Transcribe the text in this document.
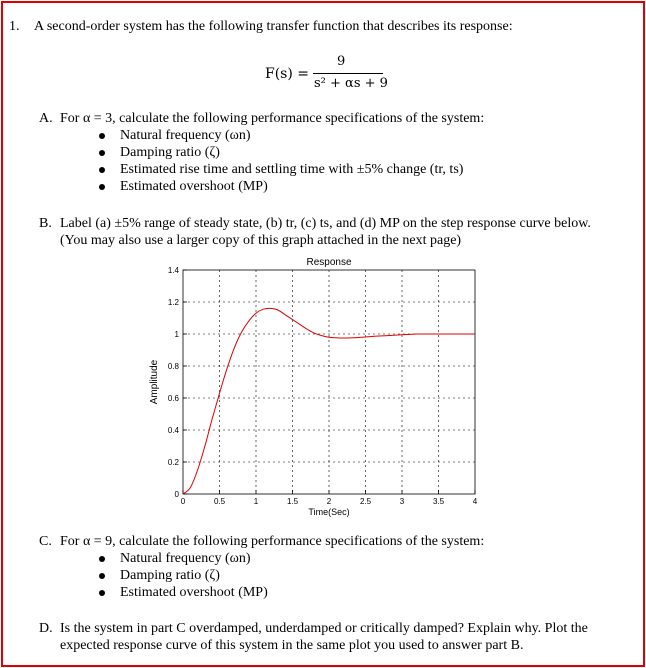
1. A second-order system has the following transfer function that describes its response:
F(s) =
9
s² + αs + 9
A. For α = 3, calculate the following performance specifications of the system:
Natural frequency (ωn)
Damping ratio (ζ)
Estimated rise time and settling time with ±5% change (tr, ts)
Estimated overshoot (MP)
B. Label (a) ±5% range of steady state, (b) tr, (c) ts, and (d) MP on the step response curve below.
(You may also use a larger copy of this graph attached in the next page)
Response
Time(Sec)
Amplitude
0	0.5	1	1.5	2	2.5	3	3.5	4
0
0.2
0.4
0.6
0.8
1
1.2
1.4
C. For α = 9, calculate the following performance specifications of the system:
Natural frequency (ωn)
Damping ratio (ζ)
Estimated overshoot (MP)
D. Is the system in part C overdamped, underdamped or critically damped? Explain why. Plot the
expected response curve of this system in the same plot you used to answer part B.
